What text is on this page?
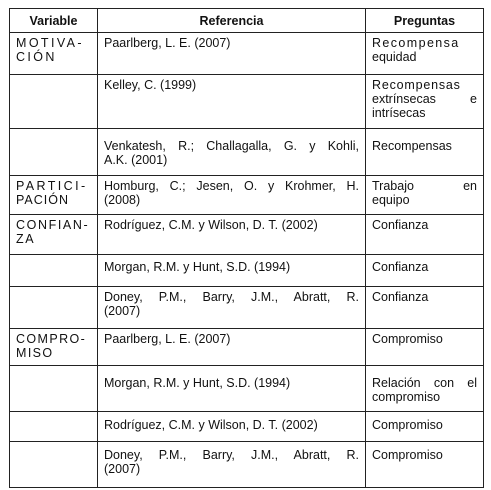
Variable	Referencia	Preguntas

MOTIVA-
CIÓN	Paarlberg, L. E. (2007)	Recompensa
equidad

	Kelley, C. (1999)	Recompensas
extrínsecas e
intrísecas

	Venkatesh, R.; Challagalla, G. y Kohli,
A.K. (2001)	Recompensas

PARTICI-
PACIÓN	Homburg, C.; Jesen, O. y Krohmer, H.
(2008)	Trabajo en
equipo

CONFIAN-
ZA	Rodríguez, C.M. y Wilson, D. T. (2002)	Confianza

	Morgan, R.M. y Hunt, S.D. (1994)	Confianza

	Doney, P.M., Barry, J.M., Abratt, R.
(2007)	Confianza

COMPRO-
MISO	Paarlberg, L. E. (2007)	Compromiso

	Morgan, R.M. y Hunt, S.D. (1994)	Relación con el
compromiso

	Rodríguez, C.M. y Wilson, D. T. (2002)	Compromiso

	Doney, P.M., Barry, J.M., Abratt, R.
(2007)	Compromiso
